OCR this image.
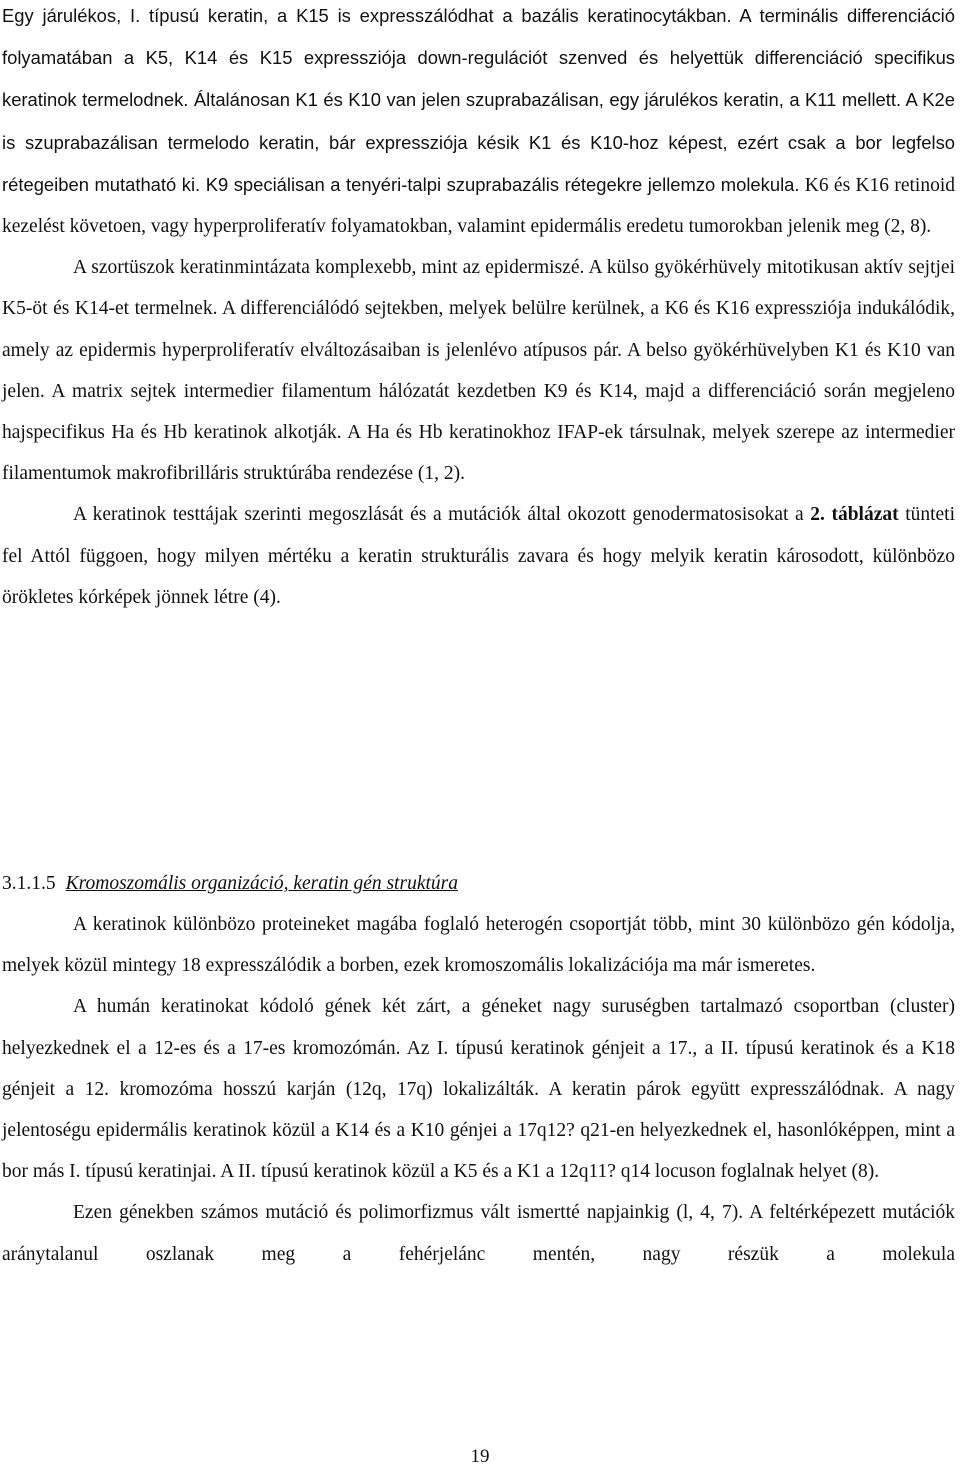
Egy járulékos, I. típusú keratin, a K15 is expresszálódhat a bazális keratinocytákban. A terminális differenciáció folyamatában a K5, K14 és K15 expressziója down-regulációt szenved és helyettük differenciáció specifikus keratinok termelodnek. Általánosan K1 és K10 van jelen szuprabazálisan, egy járulékos keratin, a K11 mellett. A K2e is szuprabazálisan termelodo keratin, bár expressziója késik K1 és K10-hoz képest, ezért csak a bor legfelso rétegeiben mutatható ki. K9 speciálisan a tenyéri-talpi szuprabazális rétegekre jellemzo molekula. K6 és K16 retinoid kezelést követoen, vagy hyperproliferatív folyamatokban, valamint epidermális eredetu tumorokban jelenik meg (2, 8).

A szortüszok keratinmintázata komplexebb, mint az epidermiszé. A külso gyökérhüvely mitotikusan aktív sejtjei K5-öt és K14-et termelnek. A differenciálódó sejtekben, melyek belülre kerülnek, a K6 és K16 expressziója indukálódik, amely az epidermis hyperproliferatív elváltozásaiban is jelenlévo atípusos pár. A belso gyökérhüvelyben K1 és K10 van jelen. A matrix sejtek intermedier filamentum hálózatát kezdetben K9 és K14, majd a differenciáció során megjeleno hajspecifikus Ha és Hb keratinok alkotják. A Ha és Hb keratinokhoz IFAP-ek társulnak, melyek szerepe az intermedier filamentumok makrofibrilláris struktúrába rendezése (1, 2).

A keratinok testtájak szerinti megoszlását és a mutációk által okozott genodermatosisokat a 2. táblázat tünteti fel Attól függoen, hogy milyen mértéku a keratin strukturális zavara és hogy melyik keratin károsodott, különbözo örökletes kórképek jönnek létre (4).

3.1.1.5 Kromoszomális organizáció, keratin gén struktúra

A keratinok különbözo proteineket magába foglaló heterogén csoportját több, mint 30 különbözo gén kódolja, melyek közül mintegy 18 expresszálódik a borben, ezek kromoszomális lokalizációja ma már ismeretes.

A humán keratinokat kódoló gének két zárt, a géneket nagy suruségben tartalmazó csoportban (cluster) helyezkednek el a 12-es és a 17-es kromozómán. Az I. típusú keratinok génjeit a 17., a II. típusú keratinok és a K18 génjeit a 12. kromozóma hosszú karján (12q, 17q) lokalizálták. A keratin párok együtt expresszálódnak. A nagy jelentoségu epidermális keratinok közül a K14 és a K10 génjei a 17q12? q21-en helyezkednek el, hasonlóképpen, mint a bor más I. típusú keratinjai. A II. típusú keratinok közül a K5 és a K1 a 12q11? q14 locuson foglalnak helyet (8).

Ezen génekben számos mutáció és polimorfizmus vált ismertté napjainkig (l, 4, 7). A feltérképezett mutációk aránytalanul oszlanak meg a fehérjelánc mentén, nagy részük a molekula

19
